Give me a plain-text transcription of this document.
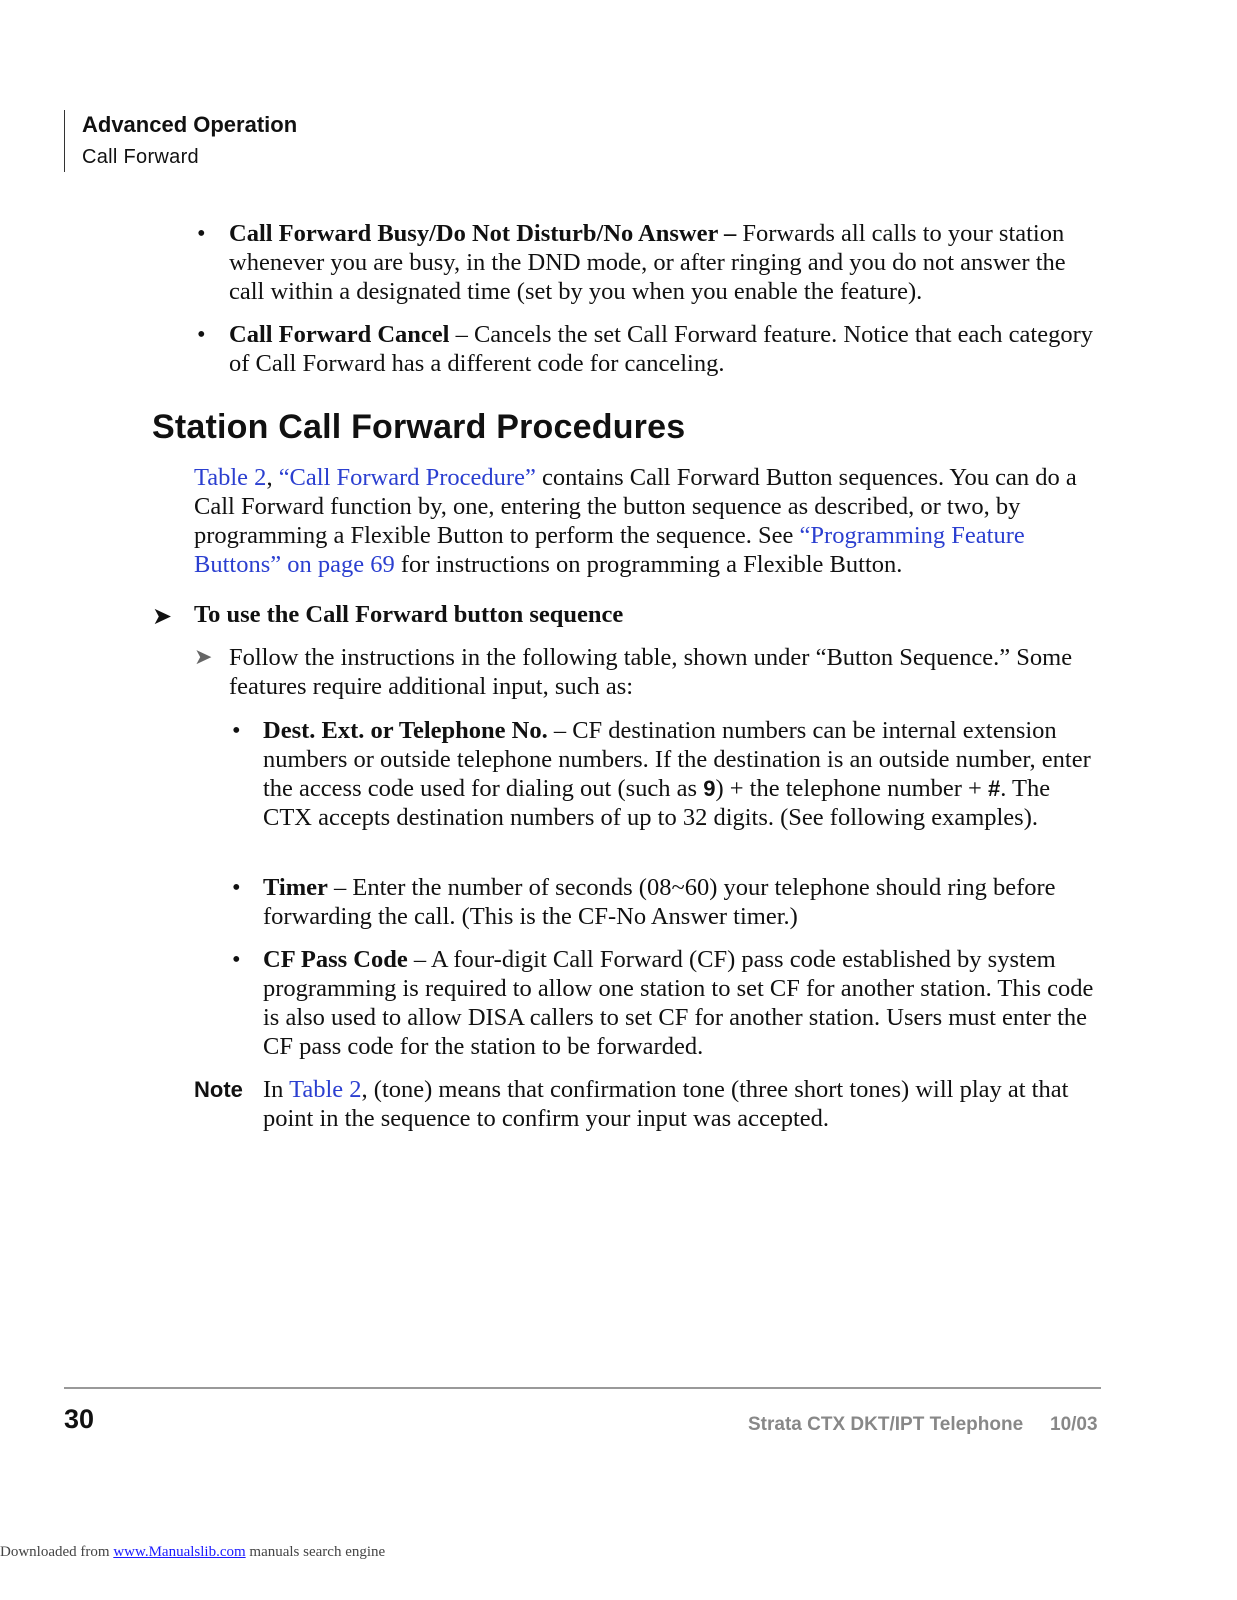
Advanced Operation
Call Forward
• Call Forward Busy/Do Not Disturb/No Answer – Forwards all calls to your station whenever you are busy, in the DND mode, or after ringing and you do not answer the call within a designated time (set by you when you enable the feature).
• Call Forward Cancel – Cancels the set Call Forward feature. Notice that each category of Call Forward has a different code for canceling.
Station Call Forward Procedures
Table 2, “Call Forward Procedure” contains Call Forward Button sequences. You can do a Call Forward function by, one, entering the button sequence as described, or two, by programming a Flexible Button to perform the sequence. See “Programming Feature Buttons” on page 69 for instructions on programming a Flexible Button.
➤ To use the Call Forward button sequence
➤ Follow the instructions in the following table, shown under “Button Sequence.” Some features require additional input, such as:
• Dest. Ext. or Telephone No. – CF destination numbers can be internal extension numbers or outside telephone numbers. If the destination is an outside number, enter the access code used for dialing out (such as 9) + the telephone number + #. The CTX accepts destination numbers of up to 32 digits. (See following examples).
• Timer – Enter the number of seconds (08~60) your telephone should ring before forwarding the call. (This is the CF-No Answer timer.)
• CF Pass Code – A four-digit Call Forward (CF) pass code established by system programming is required to allow one station to set CF for another station. This code is also used to allow DISA callers to set CF for another station. Users must enter the CF pass code for the station to be forwarded.
Note In Table 2, (tone) means that confirmation tone (three short tones) will play at that point in the sequence to confirm your input was accepted.
30	Strata CTX DKT/IPT Telephone 10/03
Downloaded from www.Manualslib.com manuals search engine
